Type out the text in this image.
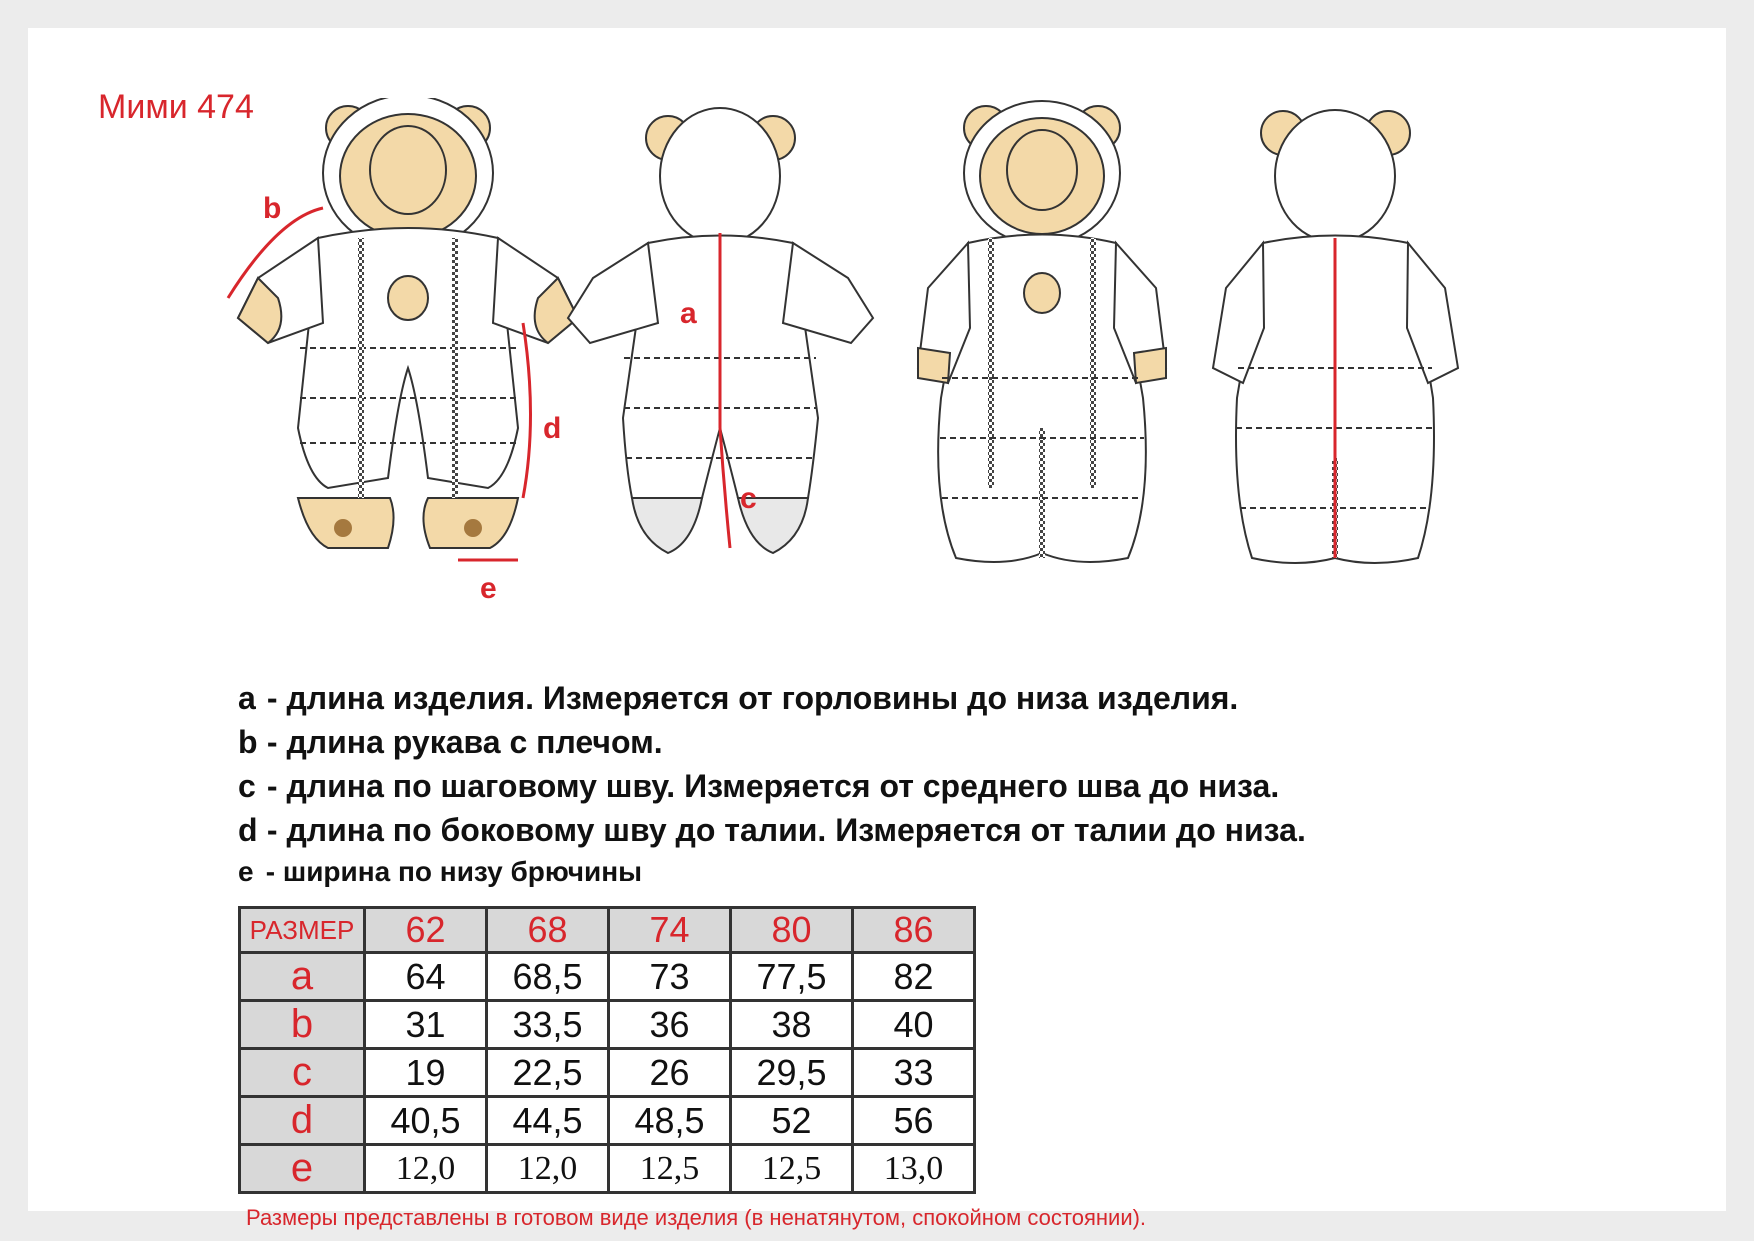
Мими 474
b
d
e
a
c
a - длина изделия. Измеряется от горловины до низа изделия.
b - длина рукава с плечом.
c - длина по шаговому шву. Измеряется от среднего шва до низа.
d - длина по боковому шву до талии. Измеряется от талии до низа.
e - ширина по низу брючины
РАЗМЕР	62	68	74	80	86
a	64	68,5	73	77,5	82
b	31	33,5	36	38	40
c	19	22,5	26	29,5	33
d	40,5	44,5	48,5	52	56
e	12,0	12,0	12,5	12,5	13,0
Размеры представлены в готовом виде изделия (в ненатянутом, спокойном состоянии).
